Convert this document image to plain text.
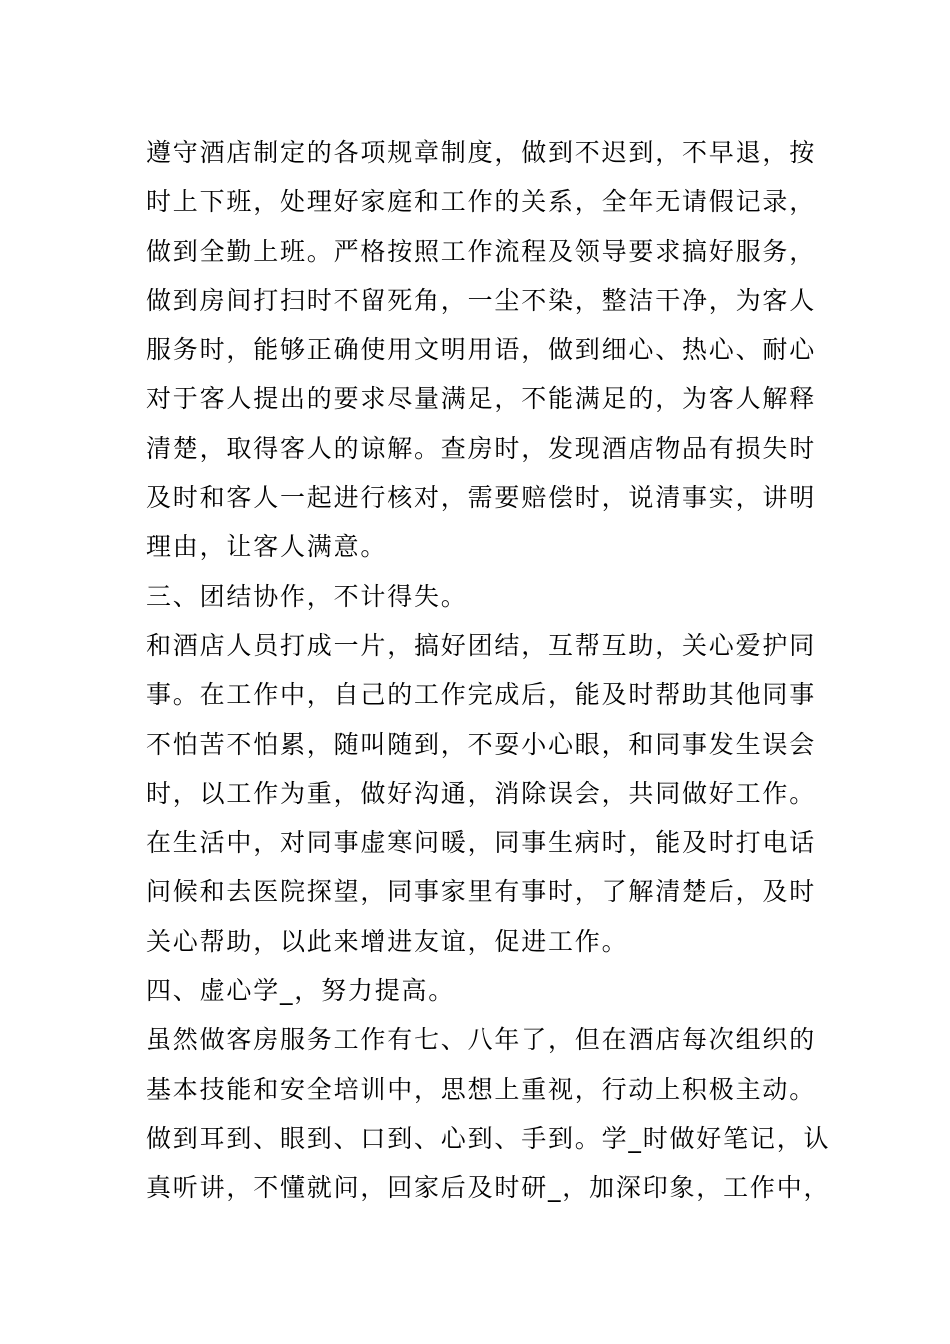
遵守酒店制定的各项规章制度，做到不迟到，不早退，按
时上下班，处理好家庭和工作的关系，全年无请假记录，
做到全勤上班。严格按照工作流程及领导要求搞好服务，
做到房间打扫时不留死角，一尘不染，整洁干净，为客人
服务时，能够正确使用文明用语，做到细心、热心、耐心
对于客人提出的要求尽量满足，不能满足的，为客人解释
清楚，取得客人的谅解。查房时，发现酒店物品有损失时
及时和客人一起进行核对，需要赔偿时，说清事实，讲明
理由，让客人满意。
三、团结协作，不计得失。
和酒店人员打成一片，搞好团结，互帮互助，关心爱护同
事。在工作中，自己的工作完成后，能及时帮助其他同事
不怕苦不怕累，随叫随到，不耍小心眼，和同事发生误会
时，以工作为重，做好沟通，消除误会，共同做好工作。
在生活中，对同事虚寒问暖，同事生病时，能及时打电话
问候和去医院探望，同事家里有事时，了解清楚后，及时
关心帮助，以此来增进友谊，促进工作。
四、虚心学_，努力提高。
虽然做客房服务工作有七、八年了，但在酒店每次组织的
基本技能和安全培训中，思想上重视，行动上积极主动。
做到耳到、眼到、口到、心到、手到。学_时做好笔记，认
真听讲，不懂就问，回家后及时研_，加深印象，工作中，
